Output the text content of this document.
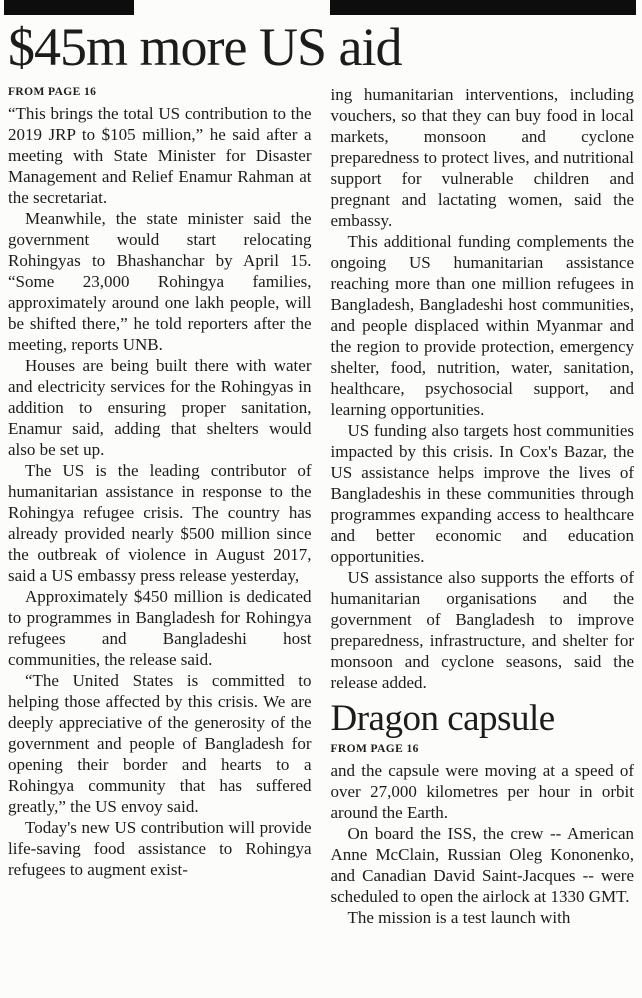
$45m more US aid
FROM PAGE 16

“This brings the total US contribution to the 2019 JRP to $105 million,” he said after a meeting with State Minister for Disaster Management and Relief Enamur Rahman at the secretariat.

Meanwhile, the state minister said the government would start relocating Rohingyas to Bhashanchar by April 15. “Some 23,000 Rohingya families, approximately around one lakh people, will be shifted there,” he told reporters after the meeting, reports UNB.

Houses are being built there with water and electricity services for the Rohingyas in addition to ensuring proper sanitation, Enamur said, adding that shelters would also be set up.

The US is the leading contributor of humanitarian assistance in response to the Rohingya refugee crisis. The country has already provided nearly $500 million since the outbreak of violence in August 2017, said a US embassy press release yesterday,

Approximately $450 million is dedicated to programmes in Bangladesh for Rohingya refugees and Bangladeshi host communities, the release said.

“The United States is committed to helping those affected by this crisis. We are deeply appreciative of the generosity of the government and people of Bangladesh for opening their border and hearts to a Rohingya community that has suffered greatly,” the US envoy said.

Today's new US contribution will provide life-saving food assistance to Rohingya refugees to augment exist-

ing humanitarian interventions, including vouchers, so that they can buy food in local markets, monsoon and cyclone preparedness to protect lives, and nutritional support for vulnerable children and pregnant and lactating women, said the embassy.

This additional funding complements the ongoing US humanitarian assistance reaching more than one million refugees in Bangladesh, Bangladeshi host communities, and people displaced within Myanmar and the region to provide protection, emergency shelter, food, nutrition, water, sanitation, healthcare, psychosocial support, and learning opportunities.

US funding also targets host communities impacted by this crisis. In Cox's Bazar, the US assistance helps improve the lives of Bangladeshis in these communities through programmes expanding access to healthcare and better economic and education opportunities.

US assistance also supports the efforts of humanitarian organisations and the government of Bangladesh to improve preparedness, infrastructure, and shelter for monsoon and cyclone seasons, said the release added.

Dragon capsule
FROM PAGE 16

and the capsule were moving at a speed of over 27,000 kilometres per hour in orbit around the Earth.

On board the ISS, the crew -- American Anne McClain, Russian Oleg Kononenko, and Canadian David Saint-Jacques -- were scheduled to open the airlock at 1330 GMT.

The mission is a test launch with
